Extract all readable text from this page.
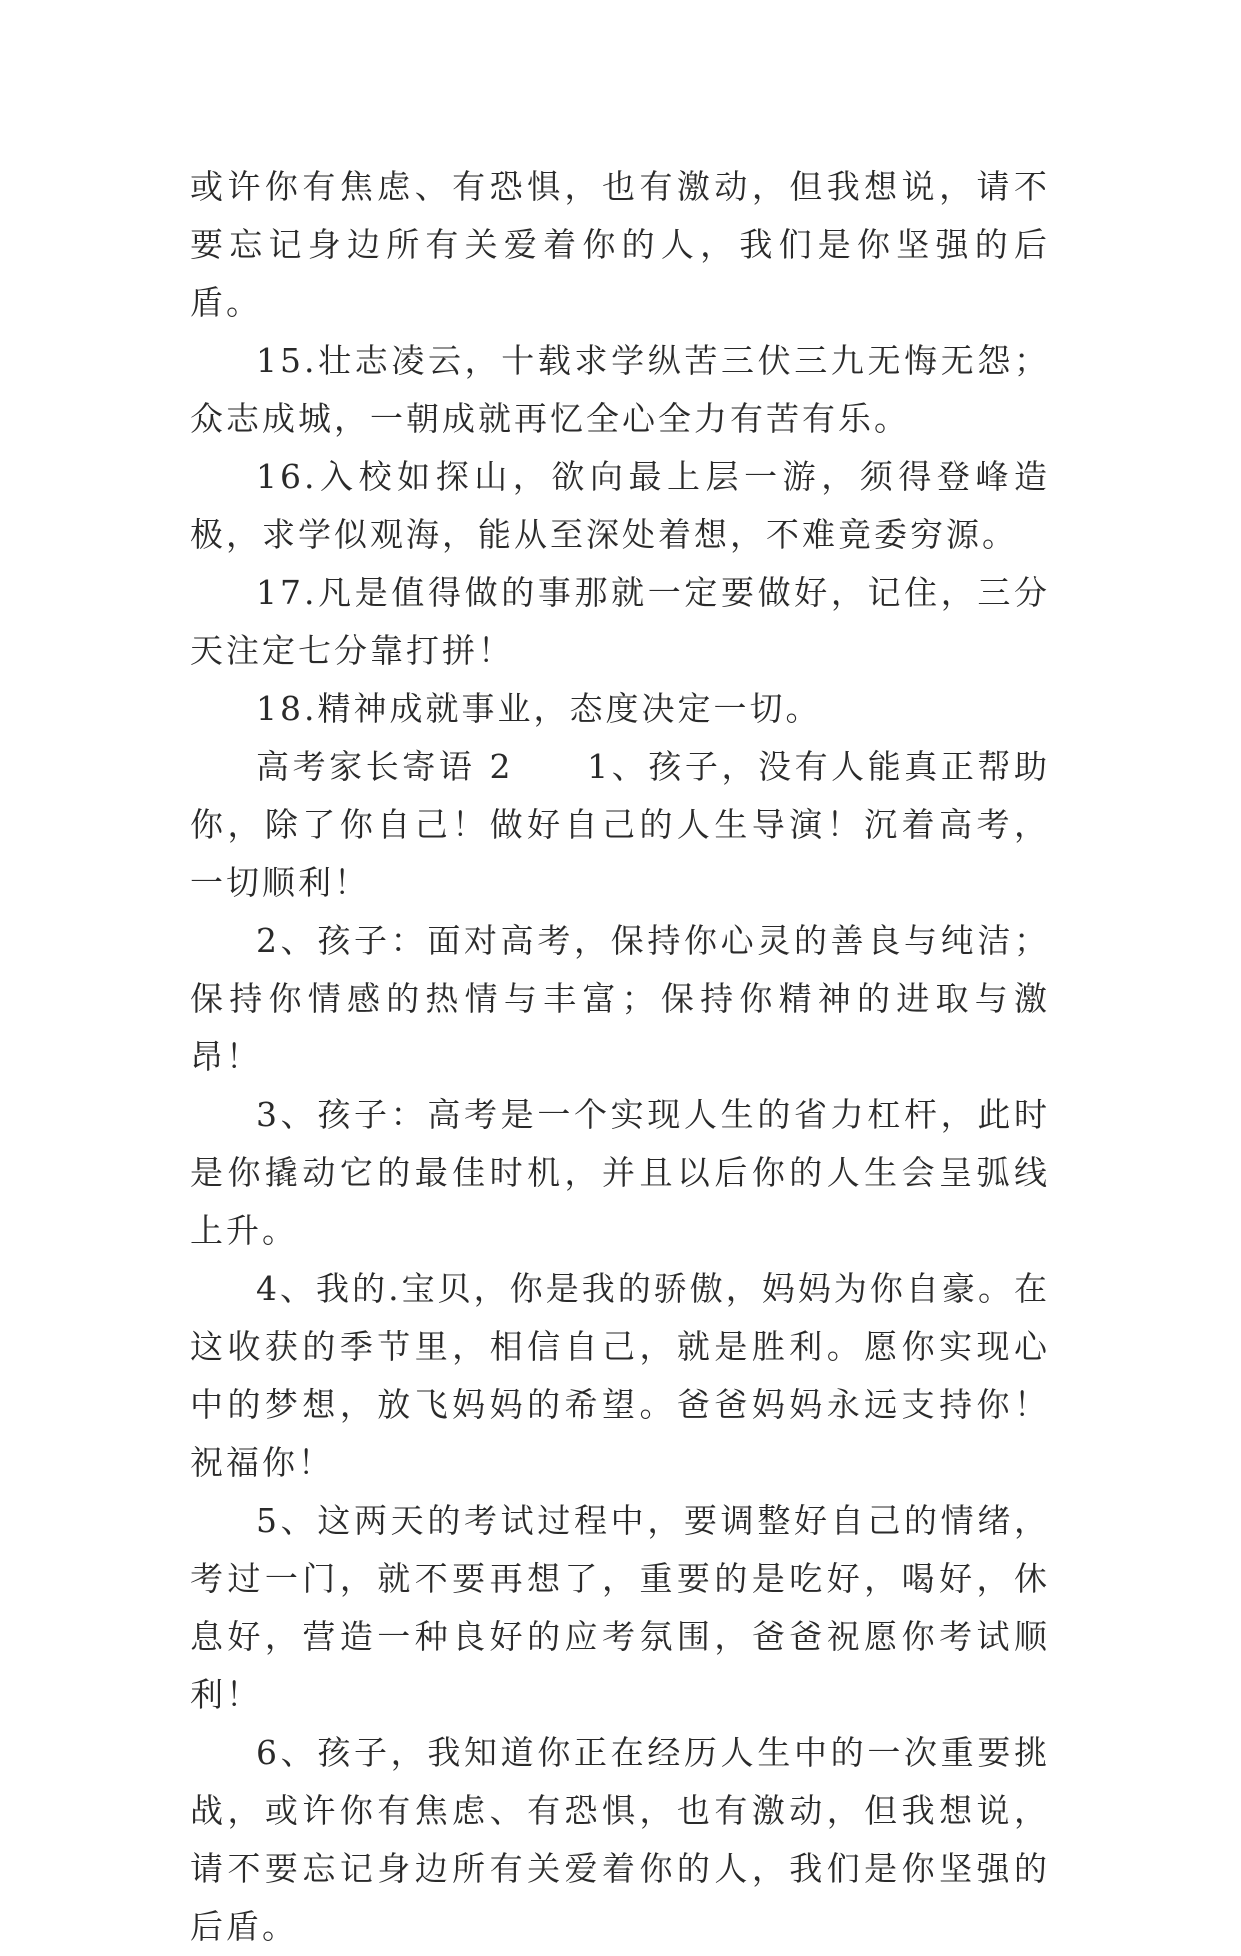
或许你有焦虑、有恐惧，也有激动，但我想说，请不要忘记身边所有关爱着你的人，我们是你坚强的后盾。

15.壮志凌云，十载求学纵苦三伏三九无悔无怨；众志成城，一朝成就再忆全心全力有苦有乐。

16.入校如探山，欲向最上层一游，须得登峰造极，求学似观海，能从至深处着想，不难竟委穷源。

17.凡是值得做的事那就一定要做好，记住，三分天注定七分靠打拼！

18.精神成就事业，态度决定一切。

高考家长寄语 2　　1、孩子，没有人能真正帮助你，除了你自己！做好自己的人生导演！沉着高考，一切顺利！

2、孩子：面对高考，保持你心灵的善良与纯洁；保持你情感的热情与丰富；保持你精神的进取与激昂！

3、孩子：高考是一个实现人生的省力杠杆，此时是你撬动它的最佳时机，并且以后你的人生会呈弧线上升。

4、我的.宝贝，你是我的骄傲，妈妈为你自豪。在这收获的季节里，相信自己，就是胜利。愿你实现心中的梦想，放飞妈妈的希望。爸爸妈妈永远支持你！祝福你！

5、这两天的考试过程中，要调整好自己的情绪，考过一门，就不要再想了，重要的是吃好，喝好，休息好，营造一种良好的应考氛围，爸爸祝愿你考试顺利！

6、孩子，我知道你正在经历人生中的一次重要挑战，或许你有焦虑、有恐惧，也有激动，但我想说，请不要忘记身边所有关爱着你的人，我们是你坚强的后盾。
